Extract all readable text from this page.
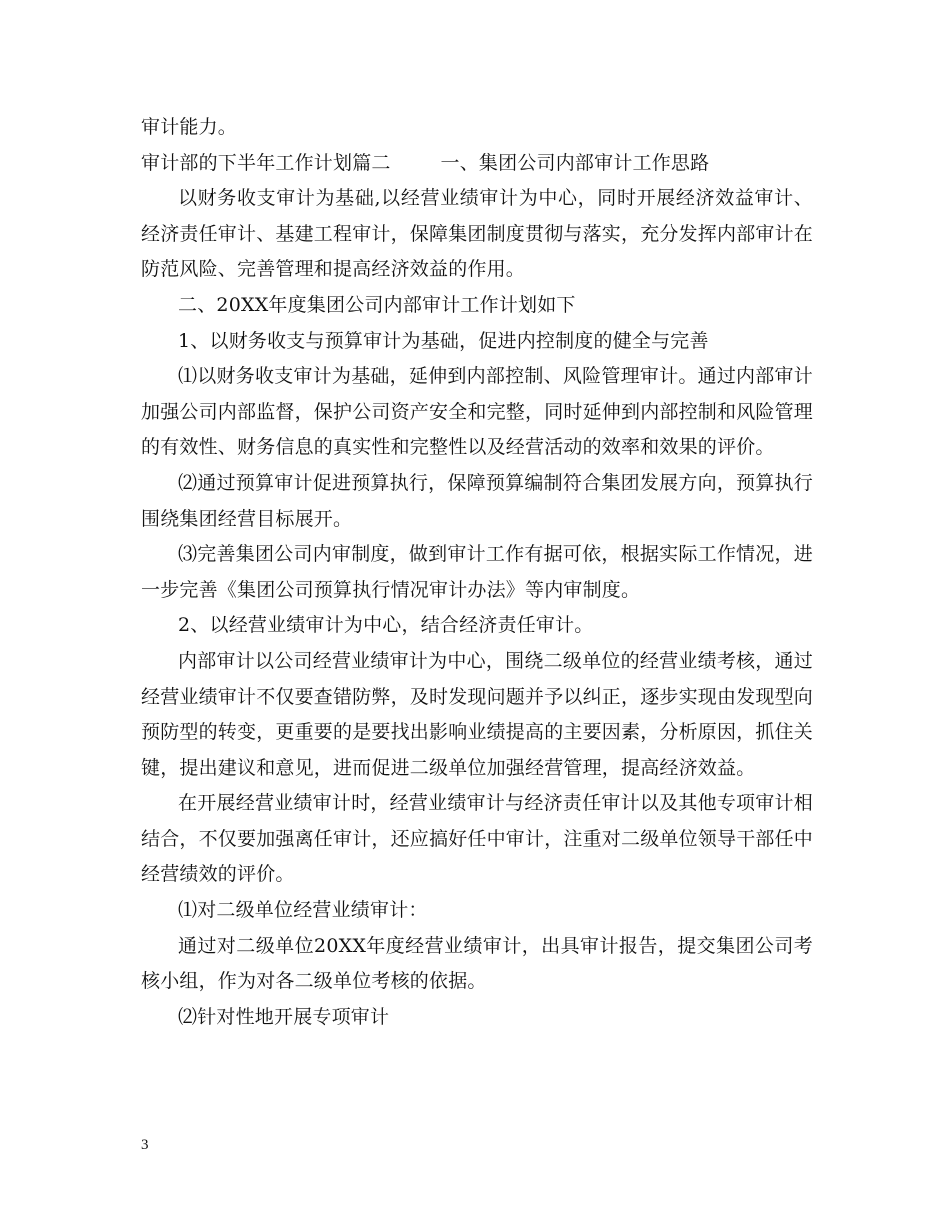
审计能力。

审计部的下半年工作计划篇二        一、集团公司内部审计工作思路

以财务收支审计为基础,以经营业绩审计为中心，同时开展经济效益审计、经济责任审计、基建工程审计，保障集团制度贯彻与落实，充分发挥内部审计在防范风险、完善管理和提高经济效益的作用。

二、20XX年度集团公司内部审计工作计划如下

1、以财务收支与预算审计为基础，促进内控制度的健全与完善

⑴以财务收支审计为基础，延伸到内部控制、风险管理审计。通过内部审计加强公司内部监督，保护公司资产安全和完整，同时延伸到内部控制和风险管理的有效性、财务信息的真实性和完整性以及经营活动的效率和效果的评价。

⑵通过预算审计促进预算执行，保障预算编制符合集团发展方向，预算执行围绕集团经营目标展开。

⑶完善集团公司内审制度，做到审计工作有据可依，根据实际工作情况，进一步完善《集团公司预算执行情况审计办法》等内审制度。

2、以经营业绩审计为中心，结合经济责任审计。

内部审计以公司经营业绩审计为中心，围绕二级单位的经营业绩考核，通过经营业绩审计不仅要查错防弊，及时发现问题并予以纠正，逐步实现由发现型向预防型的转变，更重要的是要找出影响业绩提高的主要因素，分析原因，抓住关键，提出建议和意见，进而促进二级单位加强经营管理，提高经济效益。

在开展经营业绩审计时，经营业绩审计与经济责任审计以及其他专项审计相结合，不仅要加强离任审计，还应搞好任中审计，注重对二级单位领导干部任中经营绩效的评价。

⑴对二级单位经营业绩审计：

通过对二级单位20XX年度经营业绩审计，出具审计报告，提交集团公司考核小组，作为对各二级单位考核的依据。

⑵针对性地开展专项审计

3
